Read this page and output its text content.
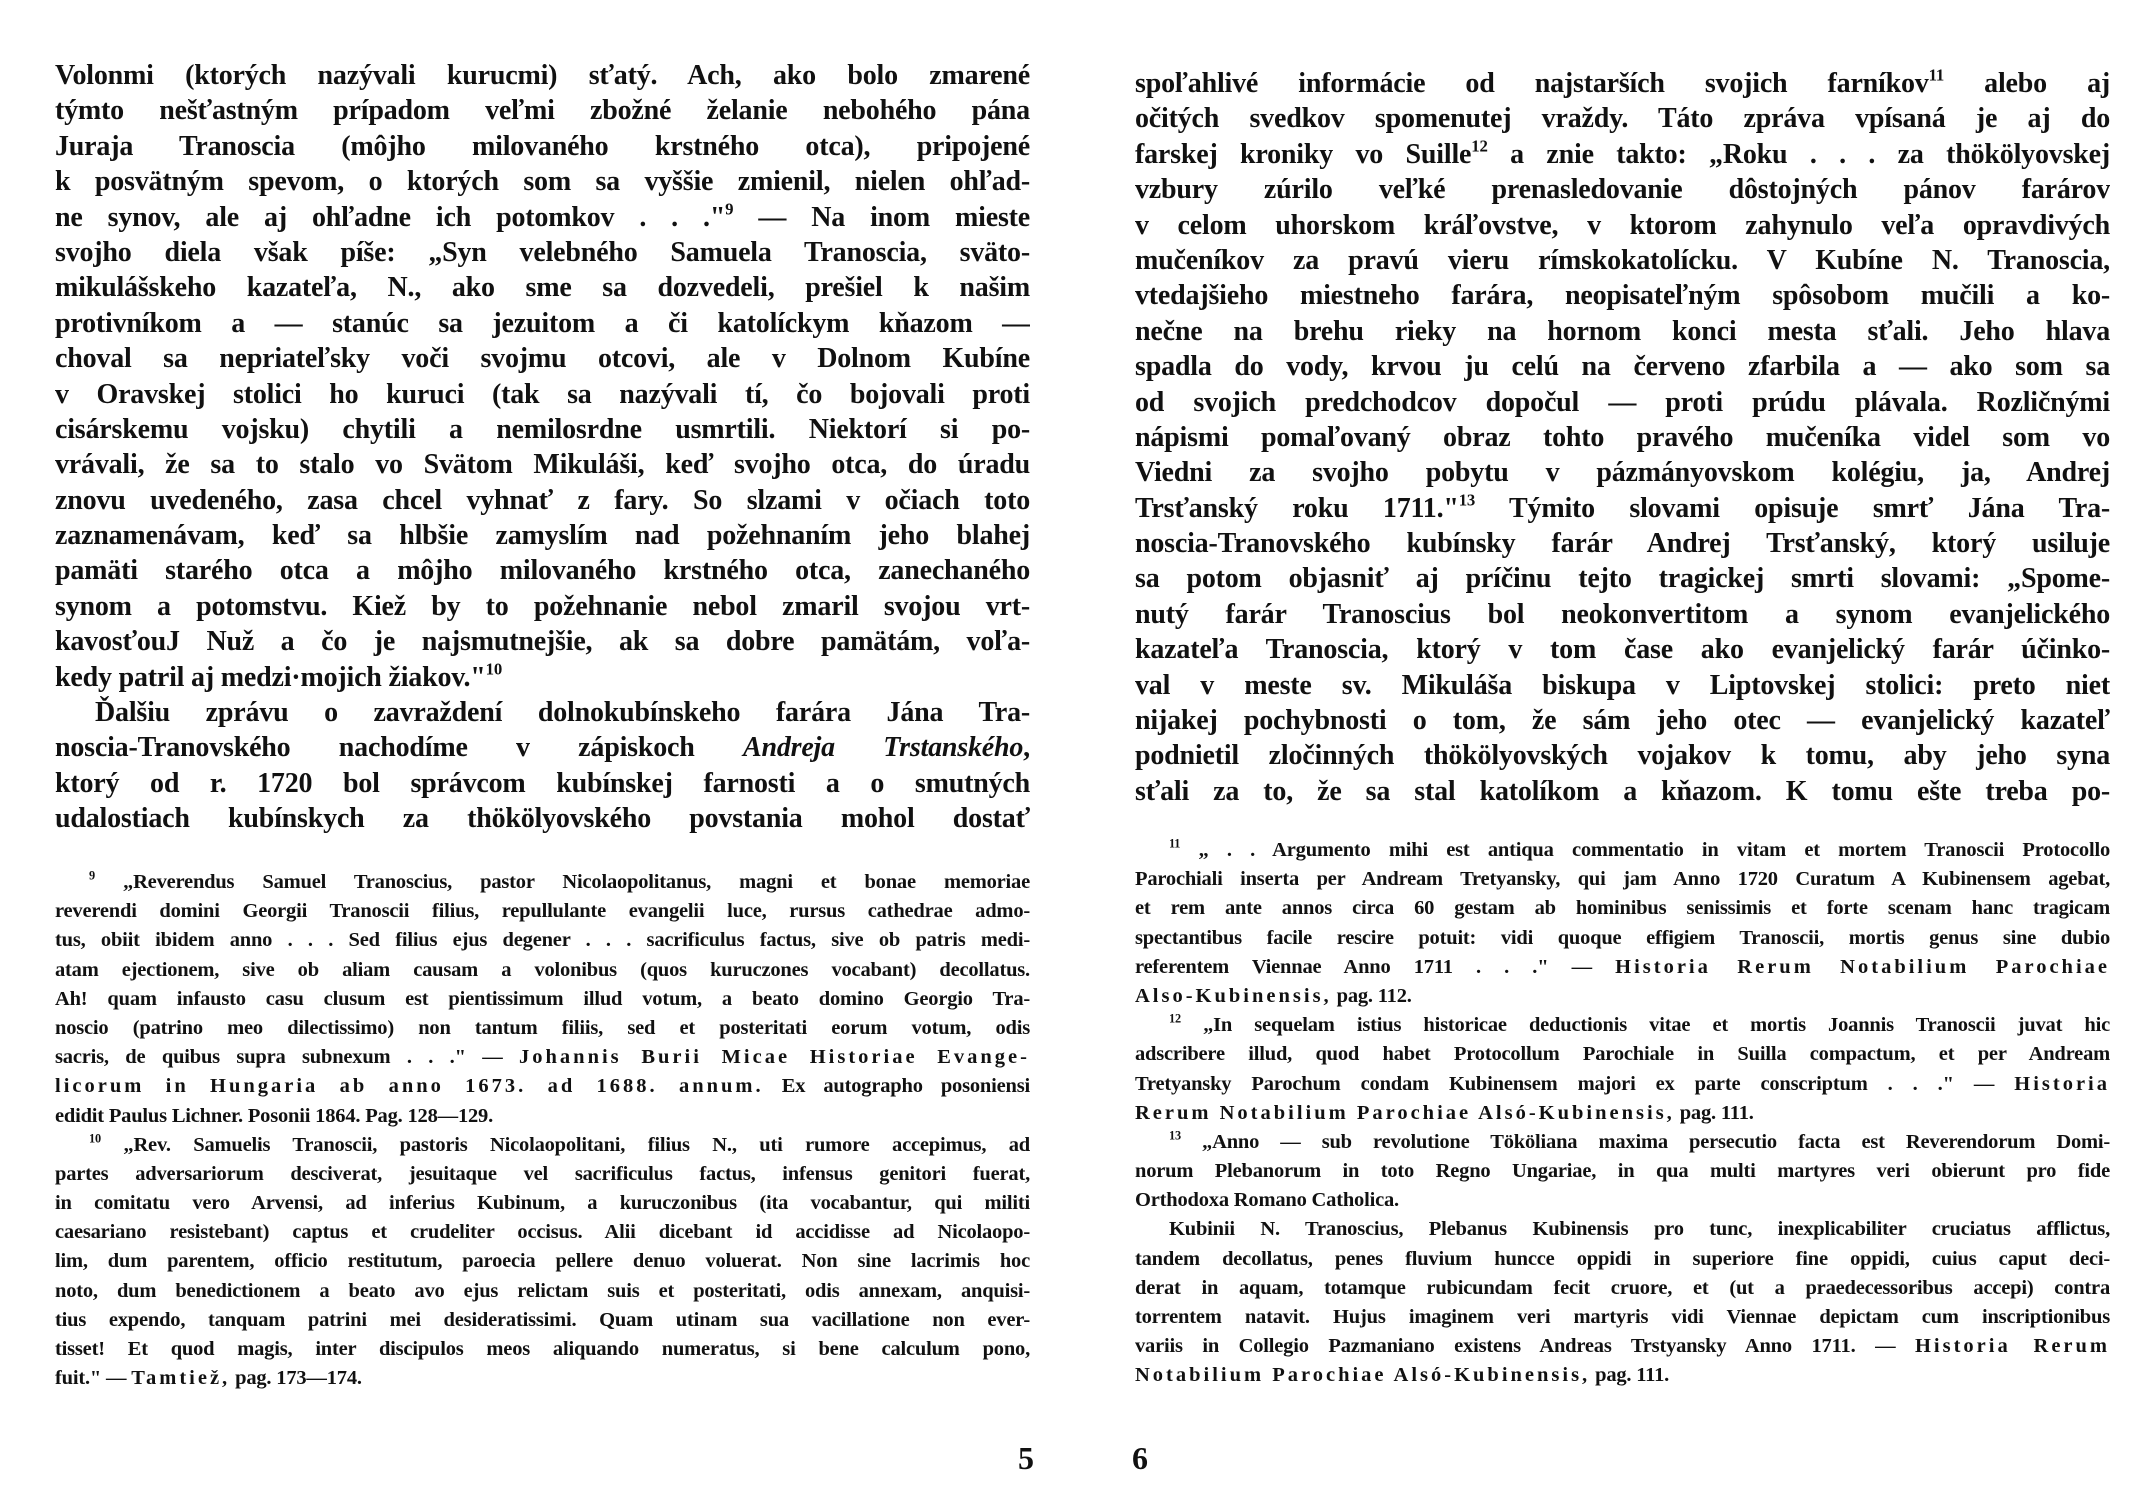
Volonmi (ktorých nazývali kurucmi) sťatý. Ach, ako bolo zmarené
týmto nešťastným prípadom veľmi zbožné želanie nebohého pána
Juraja Tranoscia (môjho milovaného krstného otca), pripojené
k posvätným spevom, o ktorých som sa vyššie zmienil, nielen ohľad-
ne synov, ale aj ohľadne ich potomkov . . ."$^9$ — Na inom mieste
svojho diela však píše: „Syn velebného Samuela Tranoscia, sväto-
mikulášskeho kazateľa, N., ako sme sa dozvedeli, prešiel k našim
protivníkom a — stanúc sa jezuitom a či katolíckym kňazom —
choval sa nepriateľsky voči svojmu otcovi, ale v Dolnom Kubíne
v Oravskej stolici ho kuruci (tak sa nazývali tí, čo bojovali proti
cisárskemu vojsku) chytili a nemilosrdne usmrtili. Niektorí si po-
vrávali, že sa to stalo vo Svätom Mikuláši, keď svojho otca, do úradu
znovu uvedeného, zasa chcel vyhnať z fary. So slzami v očiach toto
zaznamenávam, keď sa hlbšie zamyslím nad požehnaním jeho blahej
pamäti starého otca a môjho milovaného krstného otca, zanechaného
synom a potomstvu. Kiež by to požehnanie nebol zmaril svojou vrt-
kavosťouJ Nuž a čo je najsmutnejšie, ak sa dobre pamätám, voľa-
kedy patril aj medzi·mojich žiakov."$^{10}$
Ďalšiu zprávu o zavraždení dolnokubínskeho farára Jána Tra-
noscia-Tranovského nachodíme v zápiskoch Andreja Trstanského,
ktorý od r. 1720 bol správcom kubínskej farnosti a o smutných
udalostiach kubínskych za thökölyovského povstania mohol dostať
$^9$ „Reverendus Samuel Tranoscius, pastor Nicolaopolitanus, magni et bonae memoriae
reverendi domini Georgii Tranoscii filius, repullulante evangelii luce, rursus cathedrae admo-
tus, obiit ibidem anno . . . Sed filius ejus degener . . . sacrificulus factus, sive ob patris medi-
atam ejectionem, sive ob aliam causam a volonibus (quos kuruczones vocabant) decollatus.
Ah! quam infausto casu clusum est pientissimum illud votum, a beato domino Georgio Tra-
noscio (patrino meo dilectissimo) non tantum filiis, sed et posteritati eorum votum, odis
sacris, de quibus supra subnexum . . ." — Johannis Burii Micae Historiae Evange-
licorum in Hungaria ab anno 1673. ad 1688. annum. Ex autographo posoniensi
edidit Paulus Lichner. Posonii 1864. Pag. 128—129.
$^{10}$ „Rev. Samuelis Tranoscii, pastoris Nicolaopolitani, filius N., uti rumore accepimus, ad
partes adversariorum desciverat, jesuitaque vel sacrificulus factus, infensus genitori fuerat,
in comitatu vero Arvensi, ad inferius Kubinum, a kuruczonibus (ita vocabantur, qui militi
caesariano resistebant) captus et crudeliter occisus. Alii dicebant id accidisse ad Nicolaopo-
lim, dum parentem, officio restitutum, paroecia pellere denuo voluerat. Non sine lacrimis hoc
noto, dum benedictionem a beato avo ejus relictam suis et posteritati, odis annexam, anquisi-
tius expendo, tanquam patrini mei desideratissimi. Quam utinam sua vacillatione non ever-
tisset! Et quod magis, inter discipulos meos aliquando numeratus, si bene calculum pono,
fuit." — Tamtiež, pag. 173—174.
5
spoľahlivé informácie od najstarších svojich farníkov$^{11}$ alebo aj
očitých svedkov spomenutej vraždy. Táto zpráva vpísaná je aj do
farskej kroniky vo Suille$^{12}$ a znie takto: „Roku . . . za thökölyovskej
vzbury zúrilo veľké prenasledovanie dôstojných pánov farárov
v celom uhorskom kráľovstve, v ktorom zahynulo veľa opravdivých
mučeníkov za pravú vieru rímskokatolícku. V Kubíne N. Tranoscia,
vtedajšieho miestneho farára, neopisateľným spôsobom mučili a ko-
nečne na brehu rieky na hornom konci mesta sťali. Jeho hlava
spadla do vody, krvou ju celú na červeno zfarbila a — ako som sa
od svojich predchodcov dopočul — proti prúdu plávala. Rozličnými
nápismi pomaľovaný obraz tohto pravého mučeníka videl som vo
Viedni za svojho pobytu v pázmányovskom kolégiu, ja, Andrej
Trsťanský roku 1711."$^{13}$ Týmito slovami opisuje smrť Jána Tra-
noscia-Tranovského kubínsky farár Andrej Trsťanský, ktorý usiluje
sa potom objasniť aj príčinu tejto tragickej smrti slovami: „Spome-
nutý farár Tranoscius bol neokonvertitom a synom evanjelického
kazateľa Tranoscia, ktorý v tom čase ako evanjelický farár účinko-
val v meste sv. Mikuláša biskupa v Liptovskej stolici: preto niet
nijakej pochybnosti o tom, že sám jeho otec — evanjelický kazateľ
podnietil zločinných thökölyovských vojakov k tomu, aby jeho syna
sťali za to, že sa stal katolíkom a kňazom. K tomu ešte treba po-
$^{11}$ „ . . Argumento mihi est antiqua commentatio in vitam et mortem Tranoscii Protocollo
Parochiali inserta per Andream Tretyansky, qui jam Anno 1720 Curatum A Kubinensem agebat,
et rem ante annos circa 60 gestam ab hominibus senissimis et forte scenam hanc tragicam
spectantibus facile rescire potuit: vidi quoque effigiem Tranoscii, mortis genus sine dubio
referentem Viennae Anno 1711 . . ." — Historia Rerum Notabilium Parochiae
Also-Kubinensis, pag. 112.
$^{12}$ „In sequelam istius historicae deductionis vitae et mortis Joannis Tranoscii juvat hic
adscribere illud, quod habet Protocollum Parochiale in Suilla compactum, et per Andream
Tretyansky Parochum condam Kubinensem majori ex parte conscriptum . . ." — Historia
Rerum Notabilium Parochiae Alsó-Kubinensis, pag. 111.
$^{13}$ „Anno — sub revolutione Tököliana maxima persecutio facta est Reverendorum Domi-
norum Plebanorum in toto Regno Ungariae, in qua multi martyres veri obierunt pro fide
Orthodoxa Romano Catholica.
Kubinii N. Tranoscius, Plebanus Kubinensis pro tunc, inexplicabiliter cruciatus afflictus,
tandem decollatus, penes fluvium huncce oppidi in superiore fine oppidi, cuius caput deci-
derat in aquam, totamque rubicundam fecit cruore, et (ut a praedecessoribus accepi) contra
torrentem natavit. Hujus imaginem veri martyris vidi Viennae depictam cum inscriptionibus
variis in Collegio Pazmaniano existens Andreas Trstyansky Anno 1711. — Historia Rerum
Notabilium Parochiae Alsó-Kubinensis, pag. 111.
6
